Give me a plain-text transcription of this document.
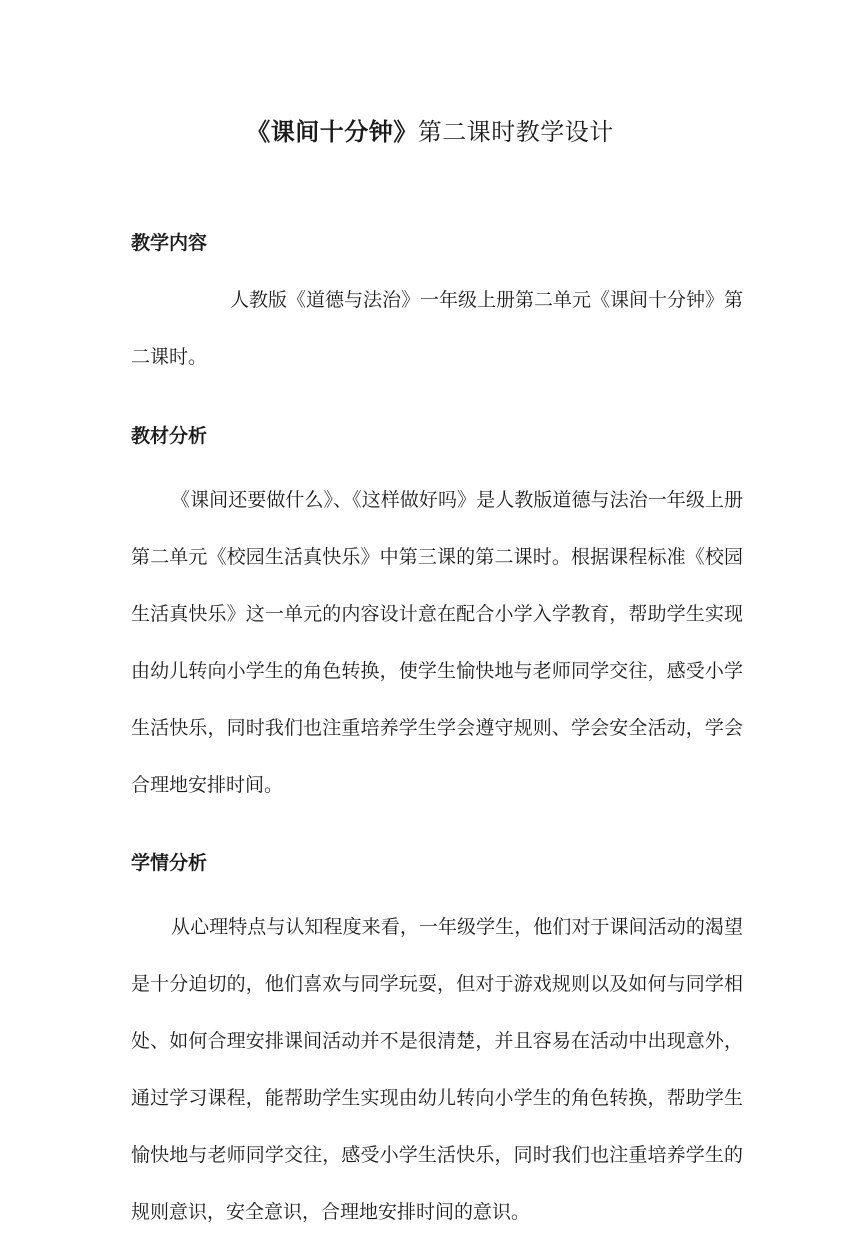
《课间十分钟》第二课时教学设计

教学内容

人教版《道德与法治》一年级上册第二单元《课间十分钟》第二课时。

教材分析

《课间还要做什么》、《这样做好吗》是人教版道德与法治一年级上册第二单元《校园生活真快乐》中第三课的第二课时。根据课程标准《校园生活真快乐》这一单元的内容设计意在配合小学入学教育，帮助学生实现由幼儿转向小学生的角色转换，使学生愉快地与老师同学交往，感受小学生活快乐，同时我们也注重培养学生学会遵守规则、学会安全活动，学会合理地安排时间。

学情分析

从心理特点与认知程度来看，一年级学生，他们对于课间活动的渴望是十分迫切的，他们喜欢与同学玩耍，但对于游戏规则以及如何与同学相处、如何合理安排课间活动并不是很清楚，并且容易在活动中出现意外，通过学习课程，能帮助学生实现由幼儿转向小学生的角色转换，帮助学生愉快地与老师同学交往，感受小学生活快乐，同时我们也注重培养学生的规则意识，安全意识，合理地安排时间的意识。
